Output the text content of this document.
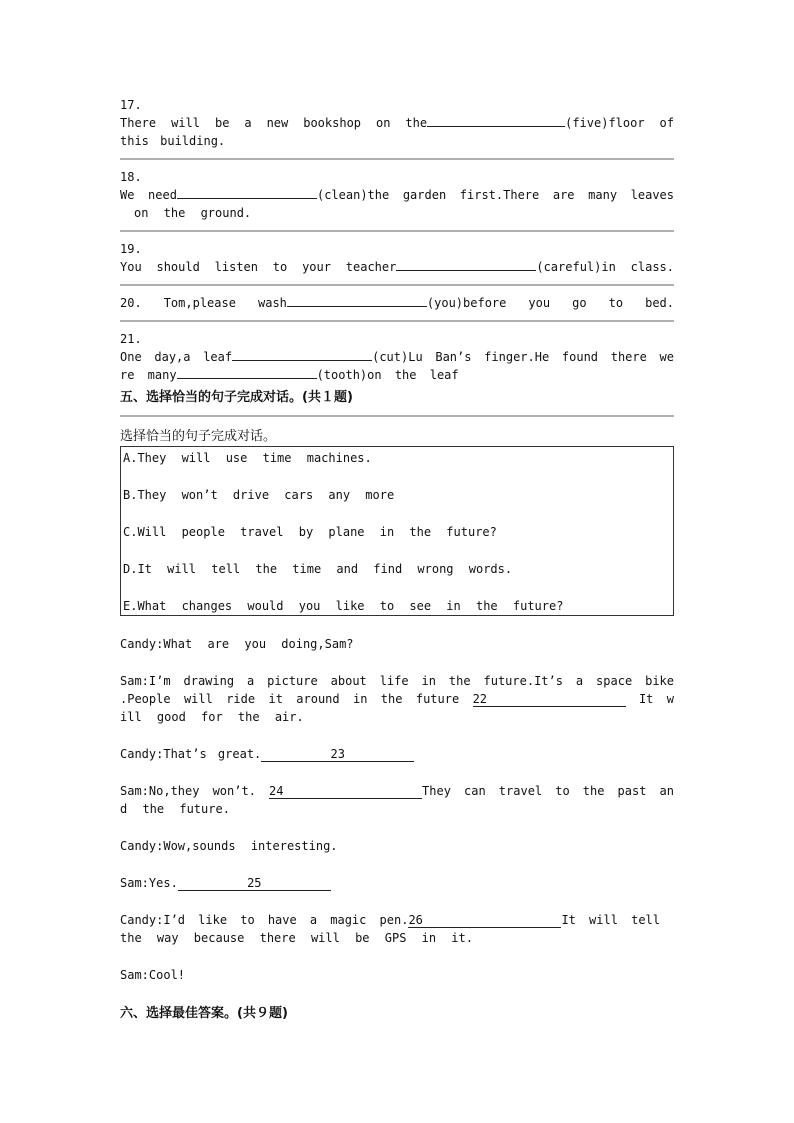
17.
There will be a new bookshop on the	(five)floor of
this building.
18.
We need	(clean)the garden first.There are many leaves
on the ground.
19.
You should listen to your teacher	(careful)in class.
20. Tom,please wash	(you)before you go to bed.
21.
One day,a leaf	(cut)Lu Ban’s finger.He found there we
re many	(tooth)on the leaf
五、选择恰当的句子完成对话。(共１题)
选择恰当的句子完成对话。
A.They will use time machines.
B.They won’t drive cars any more
C.Will people travel by plane in the future?
D.It will tell the time and find wrong words.
E.What changes would you like to see in the future?
Candy:What are you doing,Sam?
Sam:I’m drawing a picture about life in the future.It’s a space bike
.People will ride it around in the future 22	It w
ill good for the air.
Candy:That’s great.	23
Sam:No,they won’t. 24	They can travel to the past an
d the future.
Candy:Wow,sounds interesting.
Sam:Yes.	25
Candy:I’d like to have a magic pen.26	It will tell
the way because there will be GPS in it.
Sam:Cool!
六、选择最佳答案。(共９题)
